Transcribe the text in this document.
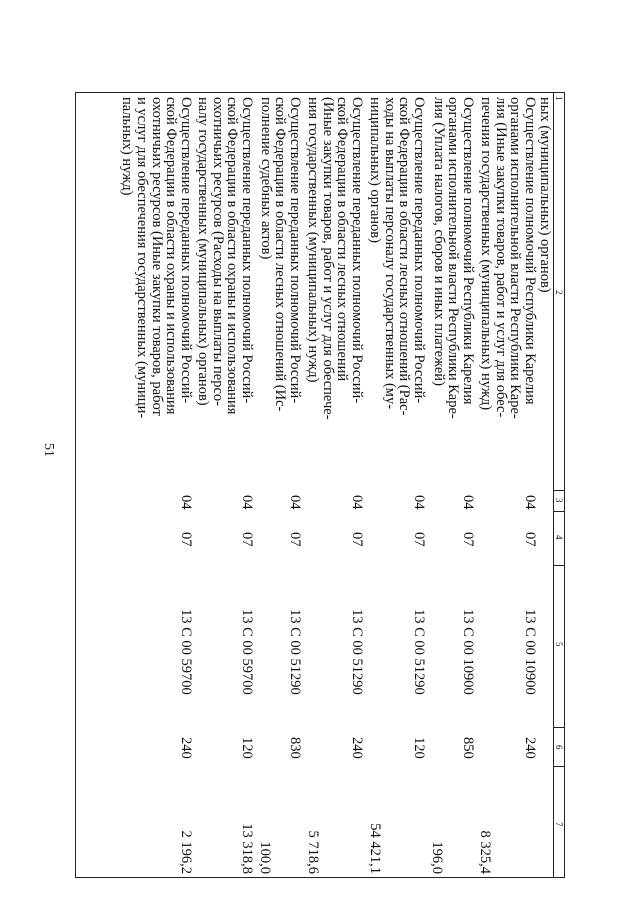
51
1
2
3
4
5
6
7
ных (муниципальных) органов)
Осуществление полномочий Республики Карелия
органами исполнительной власти Республики Каре-
лия (Иные закупки товаров, работ и услуг для обес-
печения государственных (муниципальных) нужд)
04
07
13 С 00 10900
240
8 325,4
Осуществление полномочий Республики Карелия
органами исполнительной власти Республики Каре-
лия (Уплата налогов, сборов и иных платежей)
04
07
13 С 00 10900
850
196,0
Осуществление переданных полномочий Россий-
ской Федерации в области лесных отношений (Рас-
ходы на выплаты персоналу государственных (му-
ниципальных) органов)
04
07
13 С 00 51290
120
54 421,1
Осуществление переданных полномочий Россий-
ской Федерации в области лесных отношений
(Иные закупки товаров, работ и услуг для обеспече-
ния государственных (муниципальных) нужд)
04
07
13 С 00 51290
240
5 718,6
Осуществление переданных полномочий Россий-
ской Федерации в области лесных отношений (Ис-
полнение судебных актов)
04
07
13 С 00 51290
830
100,0
Осуществление переданных полномочий Россий-
ской Федерации в области охраны и использования
охотничьих ресурсов (Расходы на выплаты персо-
налу государственных (муниципальных) органов)
04
07
13 С 00 59700
120
13 318,8
Осуществление переданных полномочий Россий-
ской Федерации в области охраны и использования
охотничьих ресурсов (Иные закупки товаров, работ
и услуг для обеспечения государственных (муници-
пальных) нужд)
04
07
13 С 00 59700
240
2 196,2
